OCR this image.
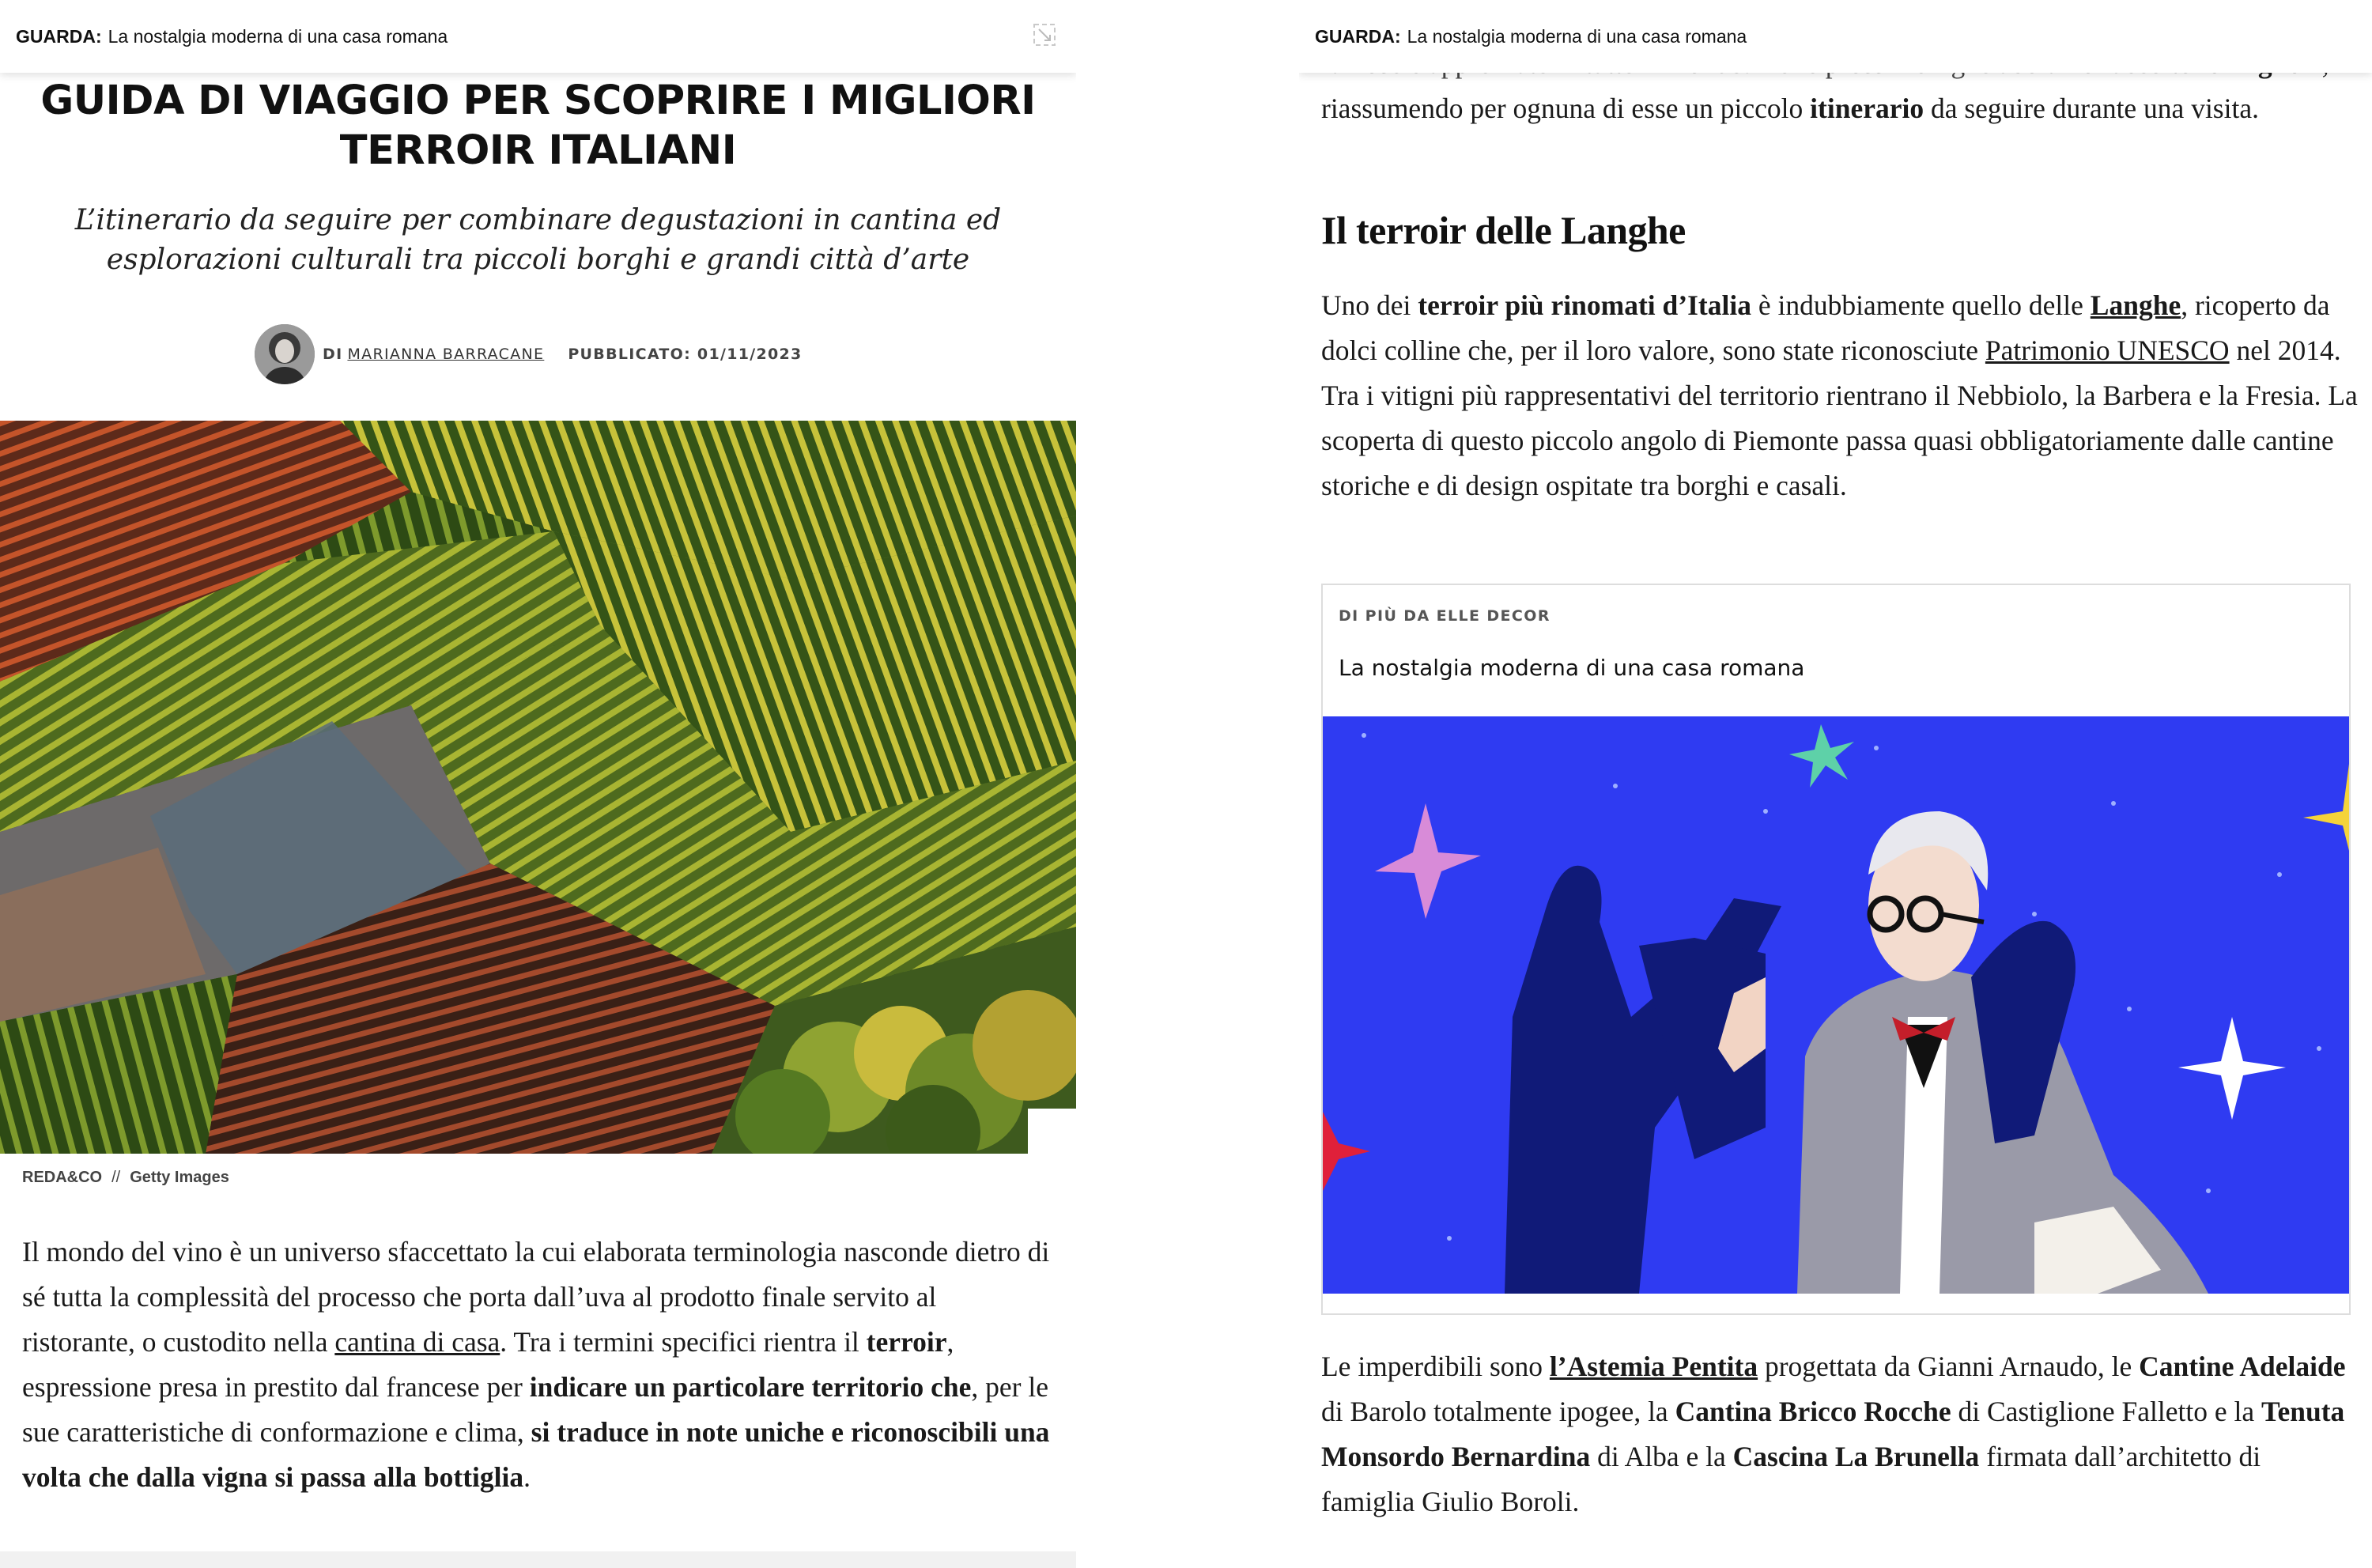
GUARDA: La nostalgia moderna di una casa romana
GUIDA DI VIAGGIO PER SCOPRIRE I MIGLIORI TERROIR ITALIANI

L’itinerario da seguire per combinare degustazioni in cantina ed esplorazioni culturali tra piccoli borghi e grandi città d’arte

DI MARIANNA BARRACANE PUBBLICATO: 01/11/2023
REDA&CO // Getty Images

Il mondo del vino è un universo sfaccettato la cui elaborata terminologia nasconde dietro di sé tutta la complessità del processo che porta dall’uva al prodotto finale servito al ristorante, o custodito nella cantina di casa. Tra i termini specifici rientra il terroir, espressione presa in prestito dal francese per indicare un particolare territorio che, per le sue caratteristiche di conformazione e clima, si traduce in note uniche e riconoscibili una volta che dalla vigna si passa alla bottiglia.

riassumendo per ognuna di esse un piccolo itinerario da seguire durante una visita.

GUARDA: La nostalgia moderna di una casa romana
Il terroir delle Langhe

Uno dei terroir più rinomati d’Italia è indubbiamente quello delle Langhe, ricoperto da dolci colline che, per il loro valore, sono state riconosciute Patrimonio UNESCO nel 2014. Tra i vitigni più rappresentativi del territorio rientrano il Nebbiolo, la Barbera e la Fresia. La scoperta di questo piccolo angolo di Piemonte passa quasi obbligatoriamente dalle cantine storiche e di design ospitate tra borghi e casali.

DI PIÙ DA ELLE DECOR
La nostalgia moderna di una casa romana

Le imperdibili sono l’Astemia Pentita progettata da Gianni Arnaudo, le Cantine Adelaide di Barolo totalmente ipogee, la Cantina Bricco Rocche di Castiglione Falletto e la Tenuta Monsordo Bernardina di Alba e la Cascina La Brunella firmata dall’architetto di famiglia Giulio Boroli.
